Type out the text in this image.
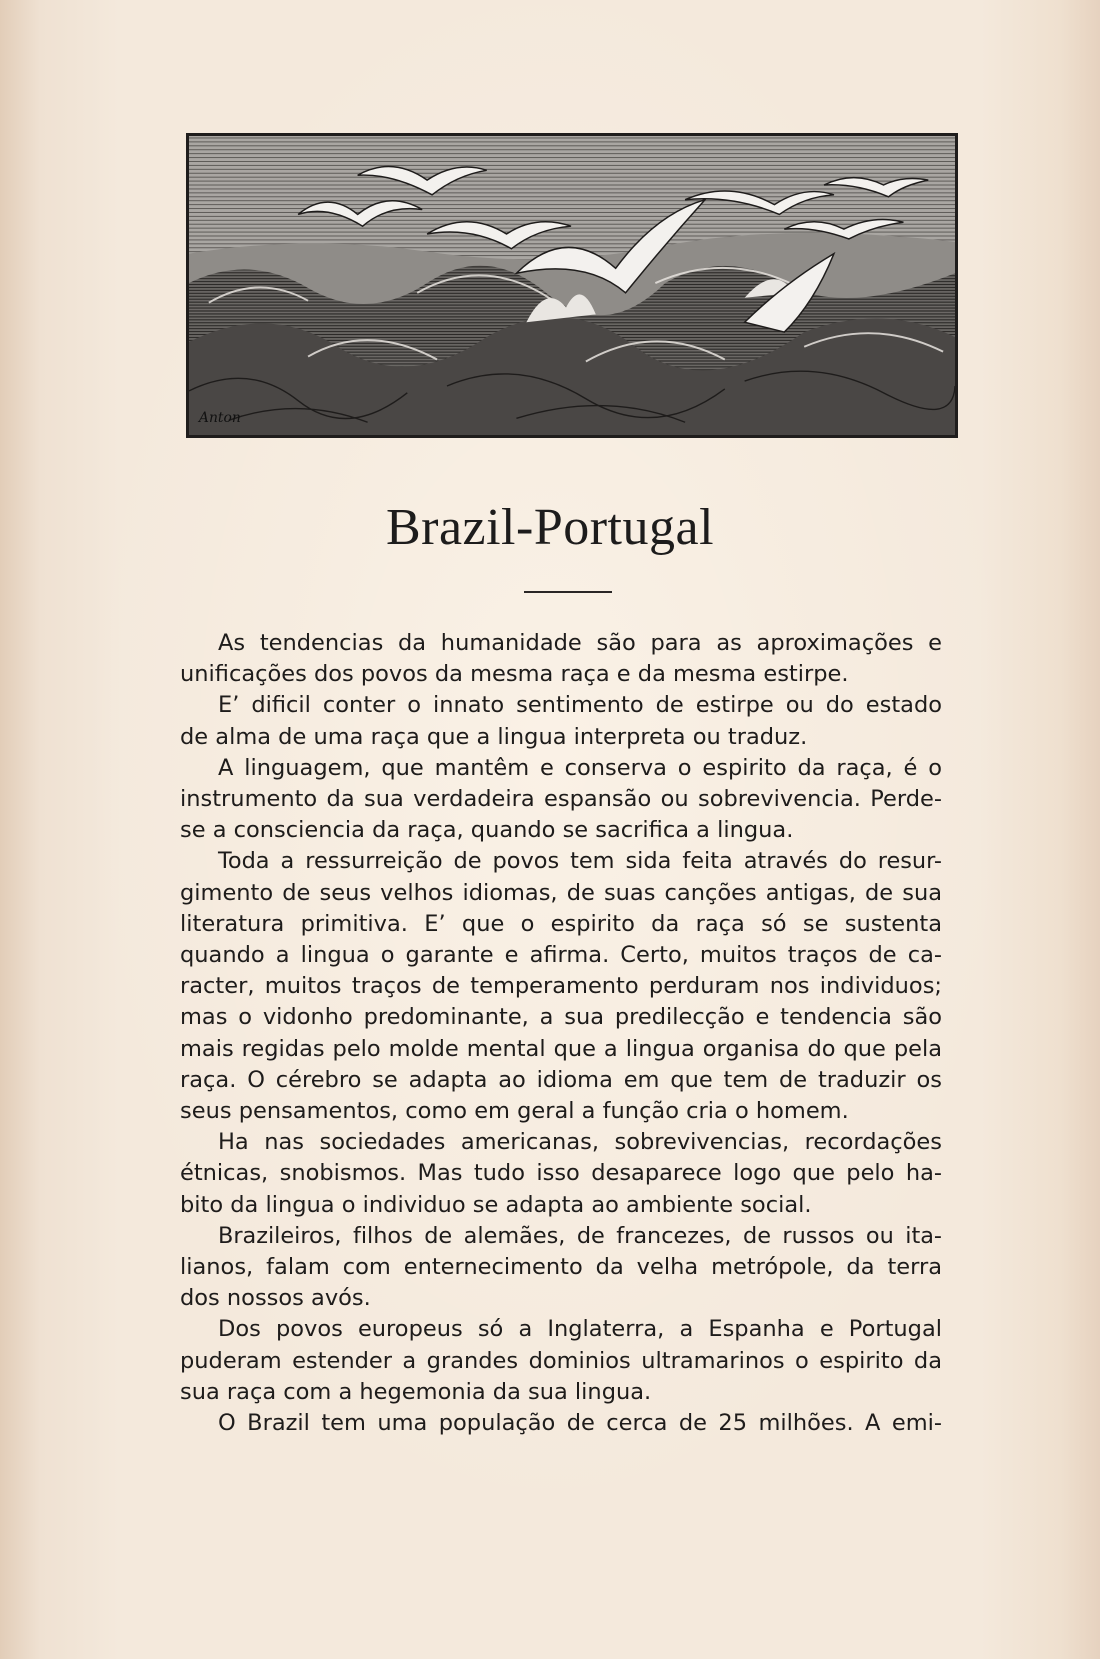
Anton
Brazil-Portugal

As tendencias da humanidade são para as aproximações e
unificações dos povos da mesma raça e da mesma estirpe.

E’ dificil conter o innato sentimento de estirpe ou do estado
de alma de uma raça que a lingua interpreta ou traduz.

A linguagem, que mantêm e conserva o espirito da raça, é o
instrumento da sua verdadeira espansão ou sobrevivencia. Perde-
se a consciencia da raça, quando se sacrifica a lingua.

Toda a ressurreição de povos tem sida feita através do resur-
gimento de seus velhos idiomas, de suas canções antigas, de sua
literatura primitiva. E’ que o espirito da raça só se sustenta
quando a lingua o garante e afirma. Certo, muitos traços de ca-
racter, muitos traços de temperamento perduram nos individuos;
mas o vidonho predominante, a sua predilecção e tendencia são
mais regidas pelo molde mental que a lingua organisa do que pela
raça. O cérebro se adapta ao idioma em que tem de traduzir os
seus pensamentos, como em geral a função cria o homem.

Ha nas sociedades americanas, sobrevivencias, recordações
étnicas, snobismos. Mas tudo isso desaparece logo que pelo ha-
bito da lingua o individuo se adapta ao ambiente social.

Brazileiros, filhos de alemães, de francezes, de russos ou ita-
lianos, falam com enternecimento da velha metrópole, da terra
dos nossos avós.

Dos povos europeus só a Inglaterra, a Espanha e Portugal
puderam estender a grandes dominios ultramarinos o espirito da
sua raça com a hegemonia da sua lingua.

O Brazil tem uma população de cerca de 25 milhões. A emi-
